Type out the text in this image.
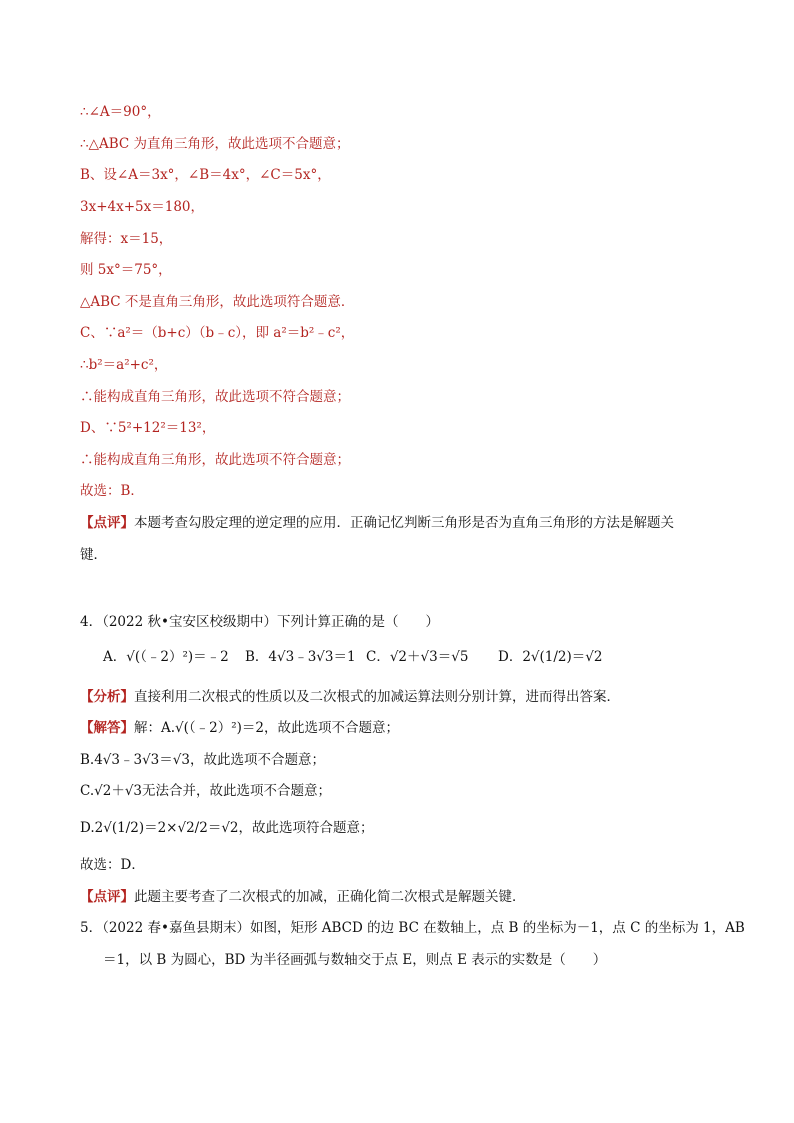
∴∠A＝90°，
∴△ABC 为直角三角形，故此选项不合题意；
B、设∠A＝3x°，∠B＝4x°，∠C＝5x°，
3x+4x+5x＝180，
解得：x＝15，
则 5x°＝75°，
△ABC 不是直角三角形，故此选项符合题意．
C、∵a²＝（b+c）（b﹣c），即 a²＝b²﹣c²，
∴b²＝a²+c²，
∴能构成直角三角形，故此选项不符合题意；
D、∵5²+12²＝13²，
∴能构成直角三角形，故此选项不符合题意；
故选：B．
【点评】本题考查勾股定理的逆定理的应用．正确记忆判断三角形是否为直角三角形的方法是解题关
键．
4．（2022 秋•宝安区校级期中）下列计算正确的是（　　）
A．√(（﹣2）²)＝﹣2 B．4√3﹣3√3＝1 C．√2＋√3＝√5 D．2√(1/2)＝√2
【分析】直接利用二次根式的性质以及二次根式的加减运算法则分别计算，进而得出答案．
【解答】解：A.√(（﹣2）²)＝2，故此选项不合题意；
B.4√3﹣3√3＝√3，故此选项不合题意；
C.√2＋√3无法合并，故此选项不合题意；
D.2√(1/2)＝2×√2/2＝√2，故此选项符合题意；
故选：D．
【点评】此题主要考查了二次根式的加减，正确化简二次根式是解题关键．
5．（2022 春•嘉鱼县期末）如图，矩形 ABCD 的边 BC 在数轴上，点 B 的坐标为－1，点 C 的坐标为 1，AB
＝1，以 B 为圆心，BD 为半径画弧与数轴交于点 E，则点 E 表示的实数是（　　）
